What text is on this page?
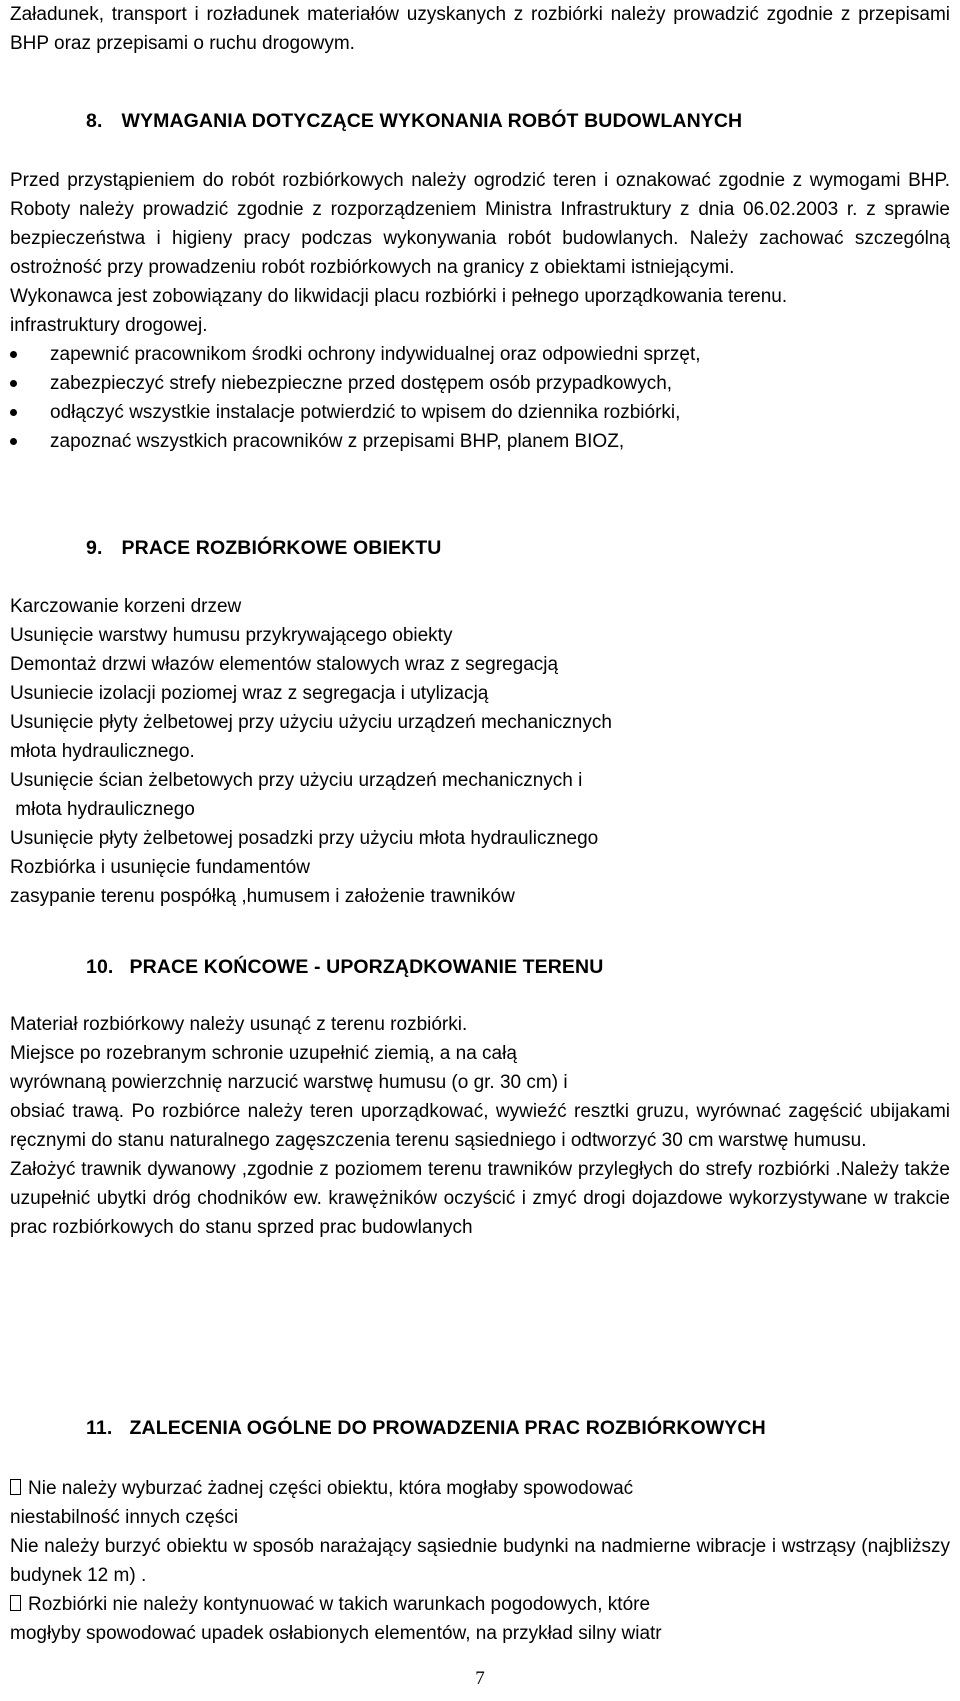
Załadunek, transport i rozładunek materiałów uzyskanych z rozbiórki należy prowadzić zgodnie z przepisami BHP oraz przepisami o ruchu drogowym.

8. WYMAGANIA DOTYCZĄCE WYKONANIA ROBÓT BUDOWLANYCH

Przed przystąpieniem do robót rozbiórkowych należy ogrodzić teren i oznakować zgodnie z wymogami BHP. Roboty należy prowadzić zgodnie z rozporządzeniem Ministra Infrastruktury z dnia 06.02.2003 r. z sprawie bezpieczeństwa i higieny pracy podczas wykonywania robót budowlanych. Należy zachować szczególną ostrożność przy prowadzeniu robót rozbiórkowych na granicy z obiektami istniejącymi.

Wykonawca jest zobowiązany do likwidacji placu rozbiórki i pełnego uporządkowania terenu.

infrastruktury drogowej.

zapewnić pracownikom środki ochrony indywidualnej oraz odpowiedni sprzęt,
zabezpieczyć strefy niebezpieczne przed dostępem osób przypadkowych,
odłączyć wszystkie instalacje potwierdzić to wpisem do dziennika rozbiórki,
zapoznać wszystkich pracowników z przepisami BHP, planem BIOZ,
9. PRACE ROZBIÓRKOWE OBIEKTU

Karczowanie korzeni drzew

Usunięcie warstwy humusu przykrywającego obiekty

Demontaż drzwi włazów elementów stalowych wraz z segregacją

Usuniecie izolacji poziomej wraz z segregacja i utylizacją

Usunięcie płyty żelbetowej przy użyciu użyciu urządzeń mechanicznych

młota hydraulicznego.

Usunięcie ścian żelbetowych przy użyciu urządzeń mechanicznych i

młota hydraulicznego

Usunięcie płyty żelbetowej posadzki przy użyciu młota hydraulicznego

Rozbiórka i usunięcie fundamentów

zasypanie terenu pospółką ,humusem i założenie trawników

10. PRACE KOŃCOWE - UPORZĄDKOWANIE TERENU

Materiał rozbiórkowy należy usunąć z terenu rozbiórki.

Miejsce po rozebranym schronie uzupełnić ziemią, a na całą

wyrównaną powierzchnię narzucić warstwę humusu (o gr. 30 cm) i

obsiać trawą. Po rozbiórce należy teren uporządkować, wywieźć resztki gruzu, wyrównać zagęścić ubijakami ręcznymi do stanu naturalnego zagęszczenia terenu sąsiedniego i odtworzyć 30 cm warstwę humusu.

Założyć trawnik dywanowy ,zgodnie z poziomem terenu trawników przyległych do strefy rozbiórki .Należy także uzupełnić ubytki dróg chodników ew. krawężników oczyścić i zmyć drogi dojazdowe wykorzystywane w trakcie prac rozbiórkowych do stanu sprzed prac budowlanych

11. ZALECENIA OGÓLNE DO PROWADZENIA PRAC ROZBIÓRKOWYCH

Nie należy wyburzać żadnej części obiektu, która mogłaby spowodować

niestabilność innych części

Nie należy burzyć obiektu w sposób narażający sąsiednie budynki na nadmierne wibracje i wstrząsy (najbliższy budynek 12 m) .

Rozbiórki nie należy kontynuować w takich warunkach pogodowych, które

mogłyby spowodować upadek osłabionych elementów, na przykład silny wiatr

7
